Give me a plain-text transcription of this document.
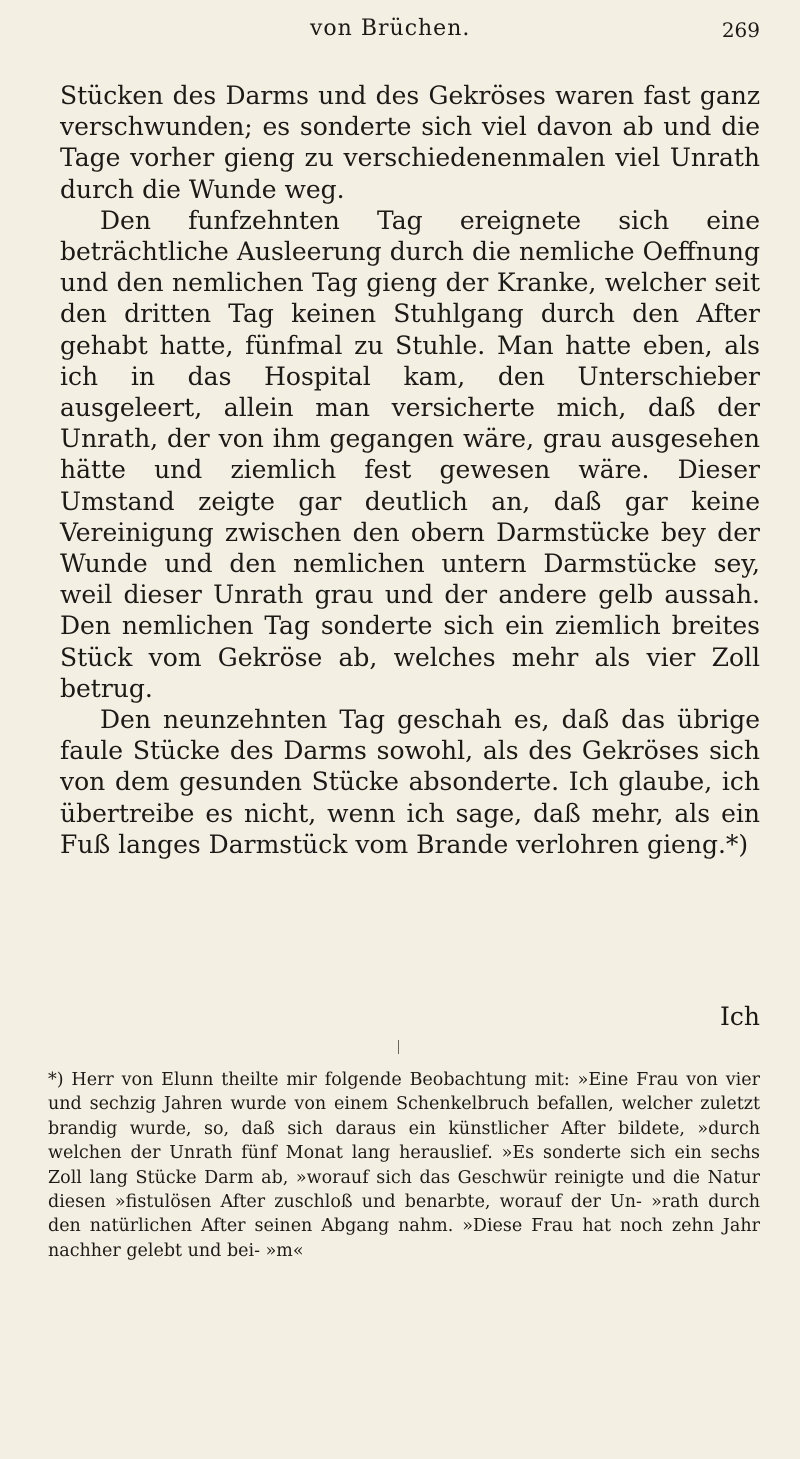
von Brüchen.	269

Stücken des Darms und des Gekröses waren fast ganz verschwunden; es sonderte sich viel davon ab und die Tage vorher gieng zu verschiedenenmalen viel Unrath durch die Wunde weg.

Den funfzehnten Tag ereignete sich eine beträchtliche Ausleerung durch die nemliche Oeffnung und den nemlichen Tag gieng der Kranke, welcher seit den dritten Tag keinen Stuhlgang durch den After gehabt hatte, fünfmal zu Stuhle. Man hatte eben, als ich in das Hospital kam, den Unterschieber ausgeleert, allein man versicherte mich, daß der Unrath, der von ihm gegangen wäre, grau ausgesehen hätte und ziemlich fest gewesen wäre. Dieser Umstand zeigte gar deutlich an, daß gar keine Vereinigung zwischen den obern Darmstücke bey der Wunde und den nemlichen untern Darmstücke sey, weil dieser Unrath grau und der andere gelb aussah. Den nemlichen Tag sonderte sich ein ziemlich breites Stück vom Gekröse ab, welches mehr als vier Zoll betrug.

Den neunzehnten Tag geschah es, daß das übrige faule Stücke des Darms sowohl, als des Gekröses sich von dem gesunden Stücke absonderte. Ich glaube, ich übertreibe es nicht, wenn ich sage, daß mehr, als ein Fuß langes Darmstück vom Brande verlohren gieng.*)

Ich

*) Herr von Elunn theilte mir folgende Beobachtung mit: »Eine Frau von vier und sechzig Jahren wurde von einem Schenkelbruch befallen, welcher zuletzt brandig wurde, so, daß sich daraus ein künstlicher After bildete, »durch welchen der Unrath fünf Monat lang herauslief. »Es sonderte sich ein sechs Zoll lang Stücke Darm ab, »worauf sich das Geschwür reinigte und die Natur diesen »fistulösen After zuschloß und benarbte, worauf der Un- »rath durch den natürlichen After seinen Abgang nahm. »Diese Frau hat noch zehn Jahr nachher gelebt und bei- »m«
